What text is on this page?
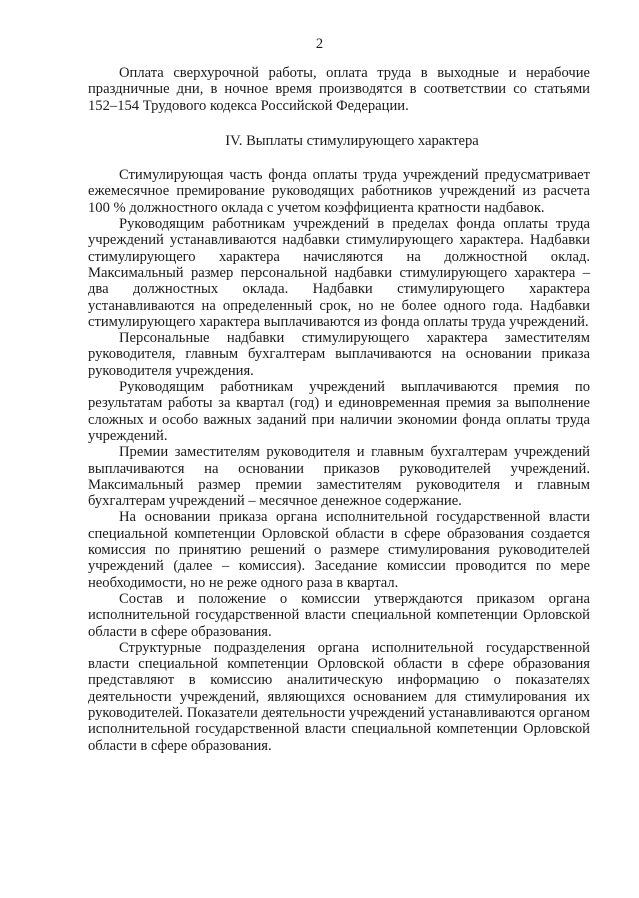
2

Оплата сверхурочной работы, оплата труда в выходные и нерабочие праздничные дни, в ночное время производятся в соответствии со статьями 152–154 Трудового кодекса Российской Федерации.

IV. Выплаты стимулирующего характера

Стимулирующая часть фонда оплаты труда учреждений предусматривает ежемесячное премирование руководящих работников учреждений из расчета 100 % должностного оклада с учетом коэффициента кратности надбавок.

Руководящим работникам учреждений в пределах фонда оплаты труда учреждений устанавливаются надбавки стимулирующего характера. Надбавки стимулирующего характера начисляются на должностной оклад. Максимальный размер персональной надбавки стимулирующего характера – два должностных оклада. Надбавки стимулирующего характера устанавливаются на определенный срок, но не более одного года. Надбавки стимулирующего характера выплачиваются из фонда оплаты труда учреждений.

Персональные надбавки стимулирующего характера заместителям руководителя, главным бухгалтерам выплачиваются на основании приказа руководителя учреждения.

Руководящим работникам учреждений выплачиваются премия по результатам работы за квартал (год) и единовременная премия за выполнение сложных и особо важных заданий при наличии экономии фонда оплаты труда учреждений.

Премии заместителям руководителя и главным бухгалтерам учреждений выплачиваются на основании приказов руководителей учреждений. Максимальный размер премии заместителям руководителя и главным бухгалтерам учреждений – месячное денежное содержание.

На основании приказа органа исполнительной государственной власти специальной компетенции Орловской области в сфере образования создается комиссия по принятию решений о размере стимулирования руководителей учреждений (далее – комиссия). Заседание комиссии проводится по мере необходимости, но не реже одного раза в квартал.

Состав и положение о комиссии утверждаются приказом органа исполнительной государственной власти специальной компетенции Орловской области в сфере образования.

Структурные подразделения органа исполнительной государственной власти специальной компетенции Орловской области в сфере образования представляют в комиссию аналитическую информацию о показателях деятельности учреждений, являющихся основанием для стимулирования их руководителей. Показатели деятельности учреждений устанавливаются органом исполнительной государственной власти специальной компетенции Орловской области в сфере образования.
